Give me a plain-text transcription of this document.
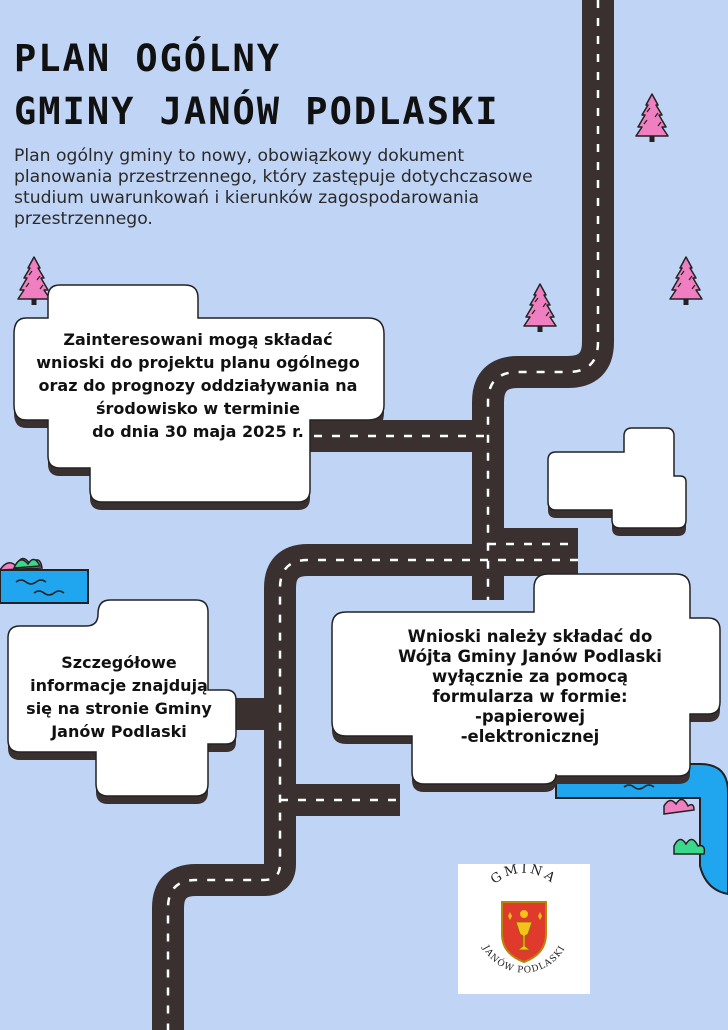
PLAN OGÓLNY
GMINY JANÓW PODLASKI

Plan ogólny gminy to nowy, obowiązkowy dokument planowania przestrzennego, który zastępuje dotychczasowe studium uwarunkowań i kierunków zagospodarowania przestrzennego.

Zainteresowani mogą składać
wnioski do projektu planu ogólnego
oraz do prognozy oddziaływania na
środowisko w terminie
do dnia 30 maja 2025 r.
Szczegółowe
informacje znajdują
się na stronie Gminy
Janów Podlaski
Wnioski należy składać do
Wójta Gminy Janów Podlaski
wyłącznie za pomocą
formularza w formie:
-papierowej
-elektronicznej
GMINA
JANÓW PODLASKI
